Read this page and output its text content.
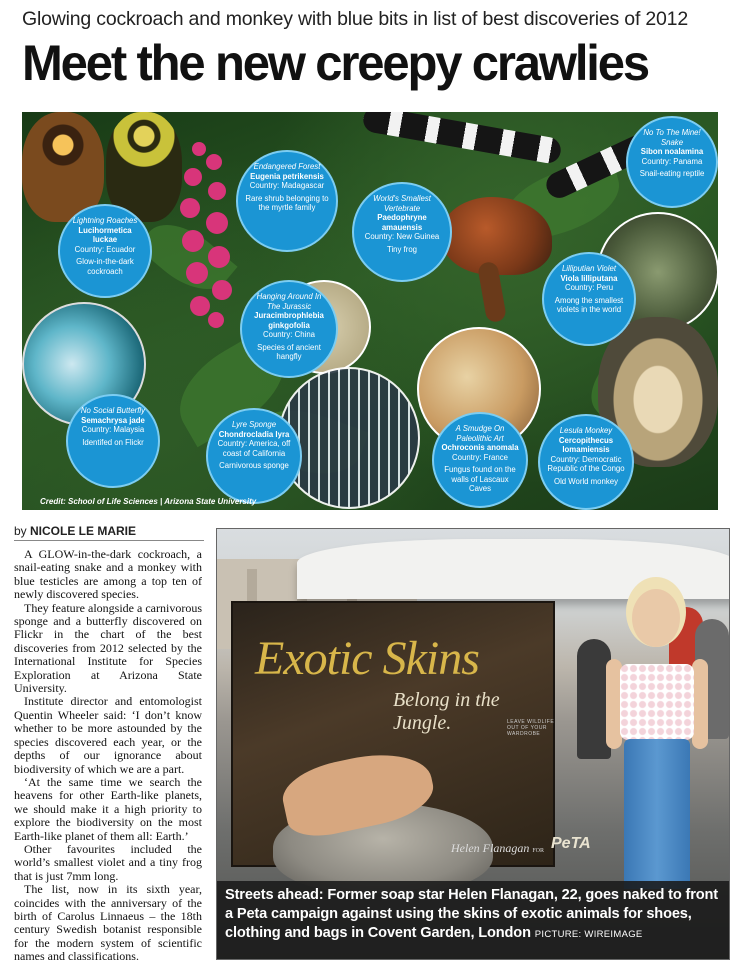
Glowing cockroach and monkey with blue bits in list of best discoveries of 2012
Meet the new creepy crawlies
Lightning Roaches
Lucihormetica luckae
Country: Ecuador
Glow-in-the-dark cockroach
Endangered Forest
Eugenia petrikensis
Country: Madagascar
Rare shrub belonging to the myrtle family
World's Smallest Vertebrate
Paedophryne amauensis
Country: New Guinea
Tiny frog
No To The Mine! Snake
Sibon noalamina
Country: Panama
Snail-eating reptile
Hanging Around In The Jurassic
Juracimbrophlebia ginkgofolia
Country: China
Species of ancient hangfly
Lilliputian Violet
Viola lilliputana
Country: Peru
Among the smallest violets in the world
No Social Butterfly
Semachrysa jade
Country: Malaysia
Identifed on Flickr
Lyre Sponge
Chondrocladia lyra
Country: America, off coast of California
Carnivorous sponge
A Smudge On Paleolithic Art
Ochroconis anomala
Country: France
Fungus found on the walls of Lascaux Caves
Lesula Monkey
Cercopithecus lomamiensis
Country: Democratic Republic of the Congo
Old World monkey
Credit: School of Life Sciences | Arizona State University
by NICOLE LE MARIE

A GLOW-in-the-dark cockroach, a snail-eating snake and a monkey with blue testicles are among a top ten of newly discovered species.

They feature alongside a carnivorous sponge and a butterfly discovered on Flickr in the chart of the best discoveries from 2012 selected by the International Institute for Species Exploration at Arizona State University.

Institute director and entomologist Quentin Wheeler said: ‘I don’t know whether to be more astounded by the species discovered each year, or the depths of our ignorance about biodiversity of which we are a part.

‘At the same time we search the heavens for other Earth-like planets, we should make it a high priority to explore the biodiversity on the most Earth-like planet of them all: Earth.’

Other favourites included the world’s smallest violet and a tiny frog that is just 7mm long.

The list, now in its sixth year, coincides with the anniversary of the birth of Carolus Linnaeus – the 18th century Swedish botanist responsible for the modern system of scientific names and classifications.

Exotic Skins
Belong in the Jungle.	LEAVE WILDLIFE OUT OF YOUR WARDROBE
Helen Flanagan FOR PeTA
Streets ahead: Former soap star Helen Flanagan, 22, goes naked to front a Peta campaign against using the skins of exotic animals for shoes, clothing and bags in Covent Garden, London PICTURE: WIREIMAGE
